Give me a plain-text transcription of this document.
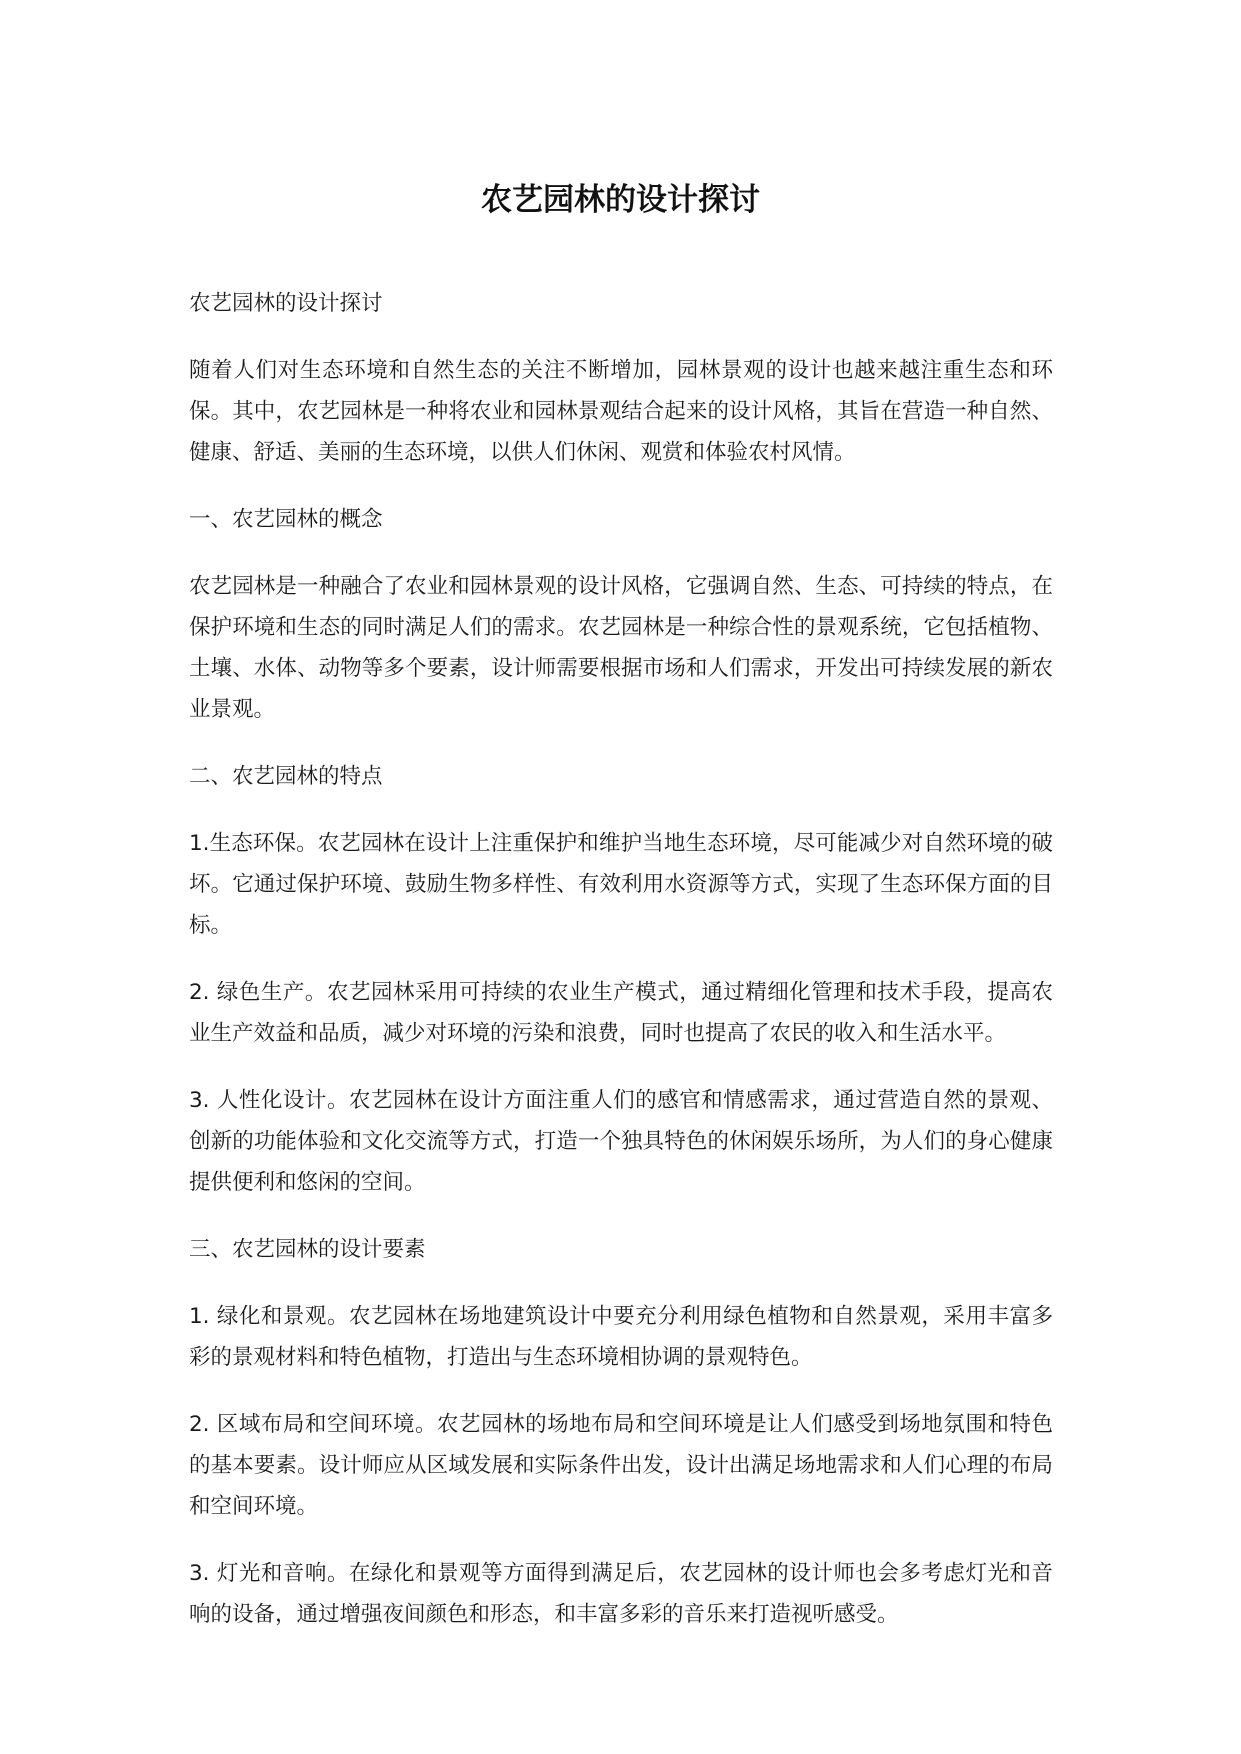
农艺园林的设计探讨

农艺园林的设计探讨

随着人们对生态环境和自然生态的关注不断增加，园林景观的设计也越来越注重生态和环保。其中，农艺园林是一种将农业和园林景观结合起来的设计风格，其旨在营造一种自然、健康、舒适、美丽的生态环境，以供人们休闲、观赏和体验农村风情。

一、农艺园林的概念

农艺园林是一种融合了农业和园林景观的设计风格，它强调自然、生态、可持续的特点，在保护环境和生态的同时满足人们的需求。农艺园林是一种综合性的景观系统，它包括植物、土壤、水体、动物等多个要素，设计师需要根据市场和人们需求，开发出可持续发展的新农业景观。

二、农艺园林的特点

1.生态环保。农艺园林在设计上注重保护和维护当地生态环境，尽可能减少对自然环境的破坏。它通过保护环境、鼓励生物多样性、有效利用水资源等方式，实现了生态环保方面的目标。

2. 绿色生产。农艺园林采用可持续的农业生产模式，通过精细化管理和技术手段，提高农业生产效益和品质，减少对环境的污染和浪费，同时也提高了农民的收入和生活水平。

3. 人性化设计。农艺园林在设计方面注重人们的感官和情感需求，通过营造自然的景观、创新的功能体验和文化交流等方式，打造一个独具特色的休闲娱乐场所，为人们的身心健康提供便利和悠闲的空间。

三、农艺园林的设计要素

1. 绿化和景观。农艺园林在场地建筑设计中要充分利用绿色植物和自然景观，采用丰富多彩的景观材料和特色植物，打造出与生态环境相协调的景观特色。

2. 区域布局和空间环境。农艺园林的场地布局和空间环境是让人们感受到场地氛围和特色的基本要素。设计师应从区域发展和实际条件出发，设计出满足场地需求和人们心理的布局和空间环境。

3. 灯光和音响。在绿化和景观等方面得到满足后，农艺园林的设计师也会多考虑灯光和音响的设备，通过增强夜间颜色和形态，和丰富多彩的音乐来打造视听感受。
